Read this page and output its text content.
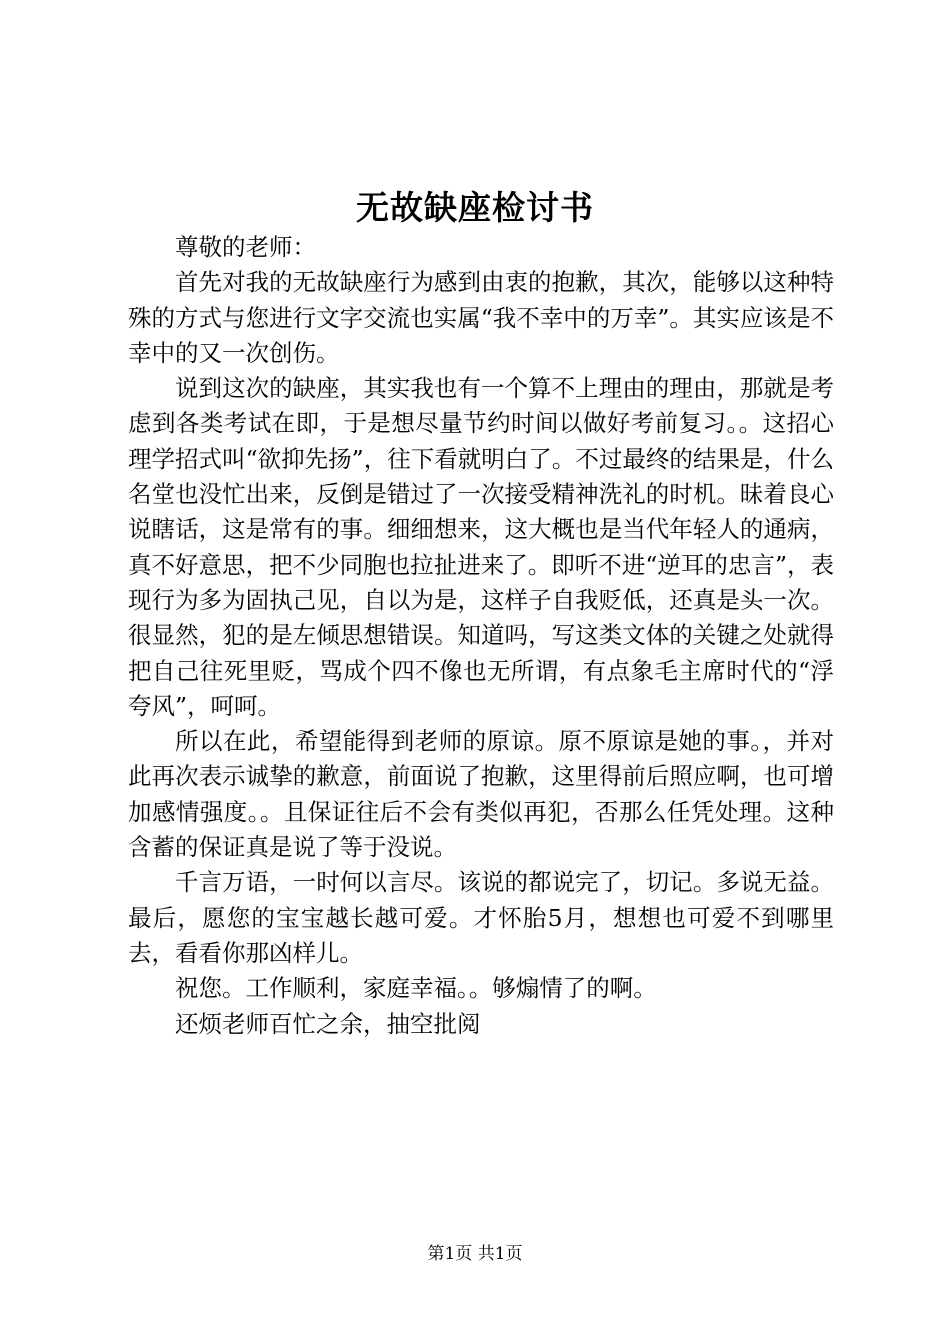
无故缺座检讨书

尊敬的老师：

首先对我的无故缺座行为感到由衷的抱歉，其次，能够以这种特殊的方式与您进行文字交流也实属“我不幸中的万幸”。其实应该是不幸中的又一次创伤。

说到这次的缺座，其实我也有一个算不上理由的理由，那就是考虑到各类考试在即，于是想尽量节约时间以做好考前复习。。这招心理学招式叫“欲抑先扬”，往下看就明白了。不过最终的结果是，什么名堂也没忙出来，反倒是错过了一次接受精神洗礼的时机。昧着良心说瞎话，这是常有的事。细细想来，这大概也是当代年轻人的通病，真不好意思，把不少同胞也拉扯进来了。即听不进“逆耳的忠言”，表现行为多为固执己见，自以为是，这样子自我贬低，还真是头一次。很显然，犯的是左倾思想错误。知道吗，写这类文体的关键之处就得把自己往死里贬，骂成个四不像也无所谓，有点象毛主席时代的“浮夸风”，呵呵。

所以在此，希望能得到老师的原谅。原不原谅是她的事。，并对此再次表示诚挚的歉意，前面说了抱歉，这里得前后照应啊，也可增加感情强度。。且保证往后不会有类似再犯，否那么任凭处理。这种含蓄的保证真是说了等于没说。

千言万语，一时何以言尽。该说的都说完了，切记。多说无益。最后，愿您的宝宝越长越可爱。才怀胎5月，想想也可爱不到哪里去，看看你那凶样儿。

祝您。工作顺利，家庭幸福。。够煽情了的啊。

还烦老师百忙之余，抽空批阅

第1页 共1页
